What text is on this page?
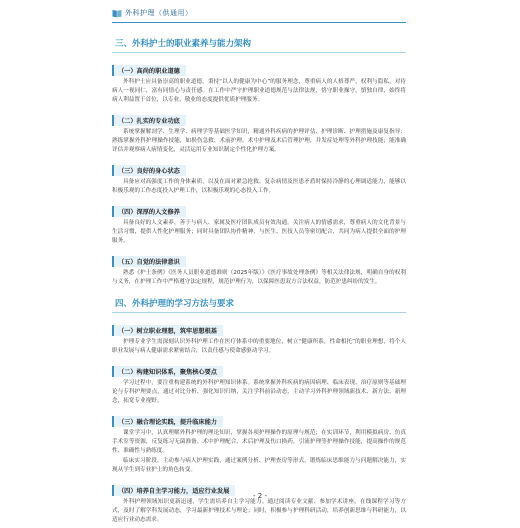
外科护理（供通用）
三、外科护士的职业素养与能力架构
（一）高尚的职业道德

外科护士应具备崇高的职业道德，秉持“以人的健康为中心”的服务理念，尊重病人的人格尊严、权利与隐私，对待病人一视同仁，富有同情心与责任感。在工作中严守护理职业道德规范与法律法规，恪守职业操守，慎独自律，始终将病人利益置于首位，以专业、敬业的态度提供优质护理服务。

（二）扎实的专业功底

系统掌握解剖学、生理学、病理学等基础医学知识，精通外科疾病的护理评估、护理诊断、护理措施及康复指导；熟练掌握外科护理操作技能，如损伤急救、术前护理、术中护理及术后管理护理，并发症处理等外科护理技能；能准确评估并观察病人病情变化，灵活运用专业知识制定个性化护理方案。

（三）良好的身心状态

具备应对高强度工作的身体素质，以及在面对紧急抢救、复杂病情及医患矛盾时保持冷静的心理调适能力，能够以积极乐观的工作态度投入护理工作，以积极乐观的心态投入工作。

（四）深厚的人文修养

具备良好的人文素养，善于与病人、家属及医疗团队成员有效沟通。关注病人的情感需求，尊重病人的文化背景与生活习惯，提供人性化护理服务；同时具备团队协作精神，与医生、医技人员等密切配合，共同为病人提供全面的护理服务。

（五）自觉的法律意识

熟悉《护士条例》《医务人员职业道德准则（2025年版）》《医疗事故处理条例》等相关法律法规，明确自身的权利与义务，在护理工作中严格遵守法定规程，规范护理行为，以保障医患双方合法权益，防范护患纠纷的发生。

四、外科护理的学习方法与要求
（一）树立职业理想，筑牢思想根基

护理专业学生需深刻认识外科护理工作在医疗体系中的重要地位，树立“健康所系，性命相托”的职业理想，将个人职业发展与病人健康需求紧密结合，以责任感与使命感驱动学习。

（二）构建知识体系，聚焦核心要点

学习过程中，要注重构建系统的外科护理知识体系。系统掌握外科疾病的病因病理、临床表现、治疗原则等基础理论与专科护理要点，通过对比分析、强化知识归纳，关注学科前沿动态，主动学习外科护理领域新技术、新方法、新理念，拓宽专业视野。

（三）融合理论实践，提升临床能力

课堂学习中，认真理解外科护理的理论知识，掌握各项护理操作的原理与规范；在实训环节，利用模拟病房、仿真手术室等资源，反复练习无菌准备、术中护理配合、术后护理及伤口换药，引流护理等护理操作技能，提高操作的规范性、准确性与熟练度。

临床实习阶段，主动参与病人护理实践，通过案例分析、护理查房等形式，锻炼临床思维能力与问题解决能力，实现从学生到专业护士的角色转变。

（四）培养自主学习能力，适应行业发展

外科护理领域知识更新迅速，学生需培养自主学习能力。通过阅读专业文献、参加学术讲座，在线课程学习等方式，及时了解学科发展动态，学习最新护理技术与理论；同时，积极参与护理科研活动，培养创新思维与科研能力，以适应行业动态需求。

- 2 -
